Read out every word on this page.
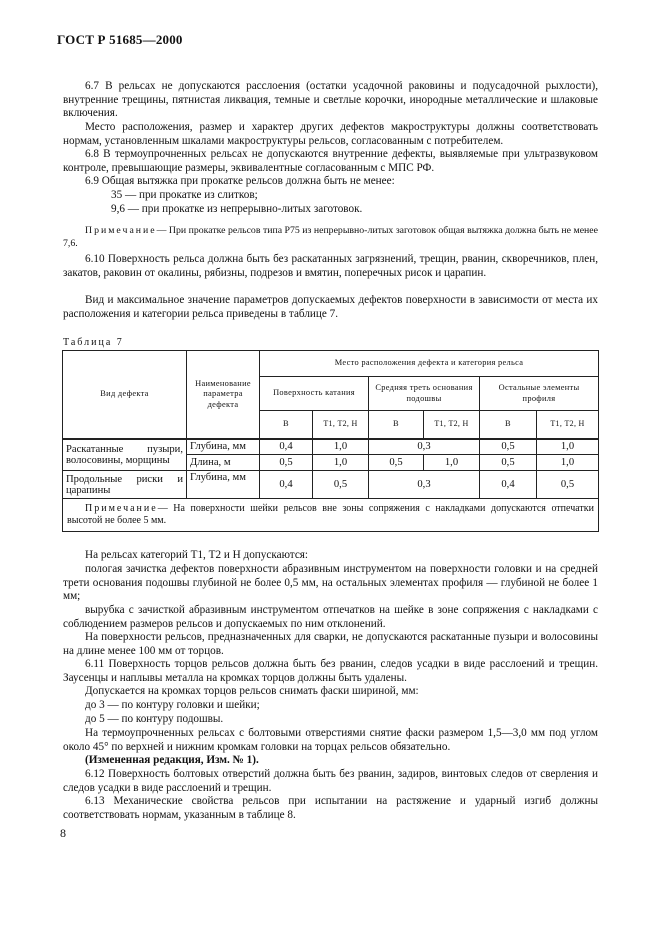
ГОСТ Р 51685—2000

6.7 В рельсах не допускаются расслоения (остатки усадочной раковины и подусадочной рыхлости), внутренние трещины, пятнистая ликвация, темные и светлые корочки, инородные металлические и шлаковые включения.

Место расположения, размер и характер других дефектов макроструктуры должны соответствовать нормам, установленным шкалами макроструктуры рельсов, согласованным с потребителем.

6.8 В термоупрочненных рельсах не допускаются внутренние дефекты, выявляемые при ультразвуковом контроле, превышающие размеры, эквивалентные согласованным с МПС РФ.

6.9 Общая вытяжка при прокатке рельсов должна быть не менее:

35 — при прокатке из слитков;

9,6 — при прокатке из непрерывно-литых заготовок.

Примечание— При прокатке рельсов типа Р75 из непрерывно-литых заготовок общая вытяжка должна быть не менее 7,6.

6.10 Поверхность рельса должна быть без раскатанных загрязнений, трещин, рванин, скворечников, плен, закатов, раковин от окалины, рябизны, подрезов и вмятин, поперечных рисок и царапин.

Вид и максимальное значение параметров допускаемых дефектов поверхности в зависимости от места их расположения и категории рельса приведены в таблице 7.

Таблица 7
Вид дефекта	Наименование параметра дефекта	Место расположения дефекта и категория рельса					
		Поверхность катания		Средняя треть основания подошвы		Остальные элементы профиля	
		В	Т1, Т2, Н	В	Т1, Т2, Н	В	Т1, Т2, Н
Раскатанные пузыри, волосовины, морщины	Глубина, мм	0,4	1,0	0,3		0,5	1,0
	Длина, м	0,5	1,0	0,5	1,0	0,5	1,0
Продольные риски и царапины	Глубина, мм	0,4	0,5	0,3		0,4	0,5
Примечание— На поверхности шейки рельсов вне зоны сопряжения с накладками допускаются отпечатки высотой не более 5 мм.							

На рельсах категорий Т1, Т2 и Н допускаются:

пологая зачистка дефектов поверхности абразивным инструментом на поверхности головки и на средней трети основания подошвы глубиной не более 0,5 мм, на остальных элементах профиля — глубиной не более 1 мм;

вырубка с зачисткой абразивным инструментом отпечатков на шейке в зоне сопряжения с накладками с соблюдением размеров рельсов и допускаемых по ним отклонений.

На поверхности рельсов, предназначенных для сварки, не допускаются раскатанные пузыри и волосовины на длине менее 100 мм от торцов.

6.11 Поверхность торцов рельсов должна быть без рванин, следов усадки в виде расслоений и трещин. Заусенцы и наплывы металла на кромках торцов должны быть удалены.

Допускается на кромках торцов рельсов снимать фаски шириной, мм:

до 3 — по контуру головки и шейки;

до 5 — по контуру подошвы.

На термоупрочненных рельсах с болтовыми отверстиями снятие фаски размером 1,5—3,0 мм под углом около 45° по верхней и нижним кромкам головки на торцах рельсов обязательно.

(Измененная редакция, Изм. № 1).

6.12 Поверхность болтовых отверстий должна быть без рванин, задиров, винтовых следов от сверления и следов усадки в виде расслоений и трещин.

6.13 Механические свойства рельсов при испытании на растяжение и ударный изгиб должны соответствовать нормам, указанным в таблице 8.

8
